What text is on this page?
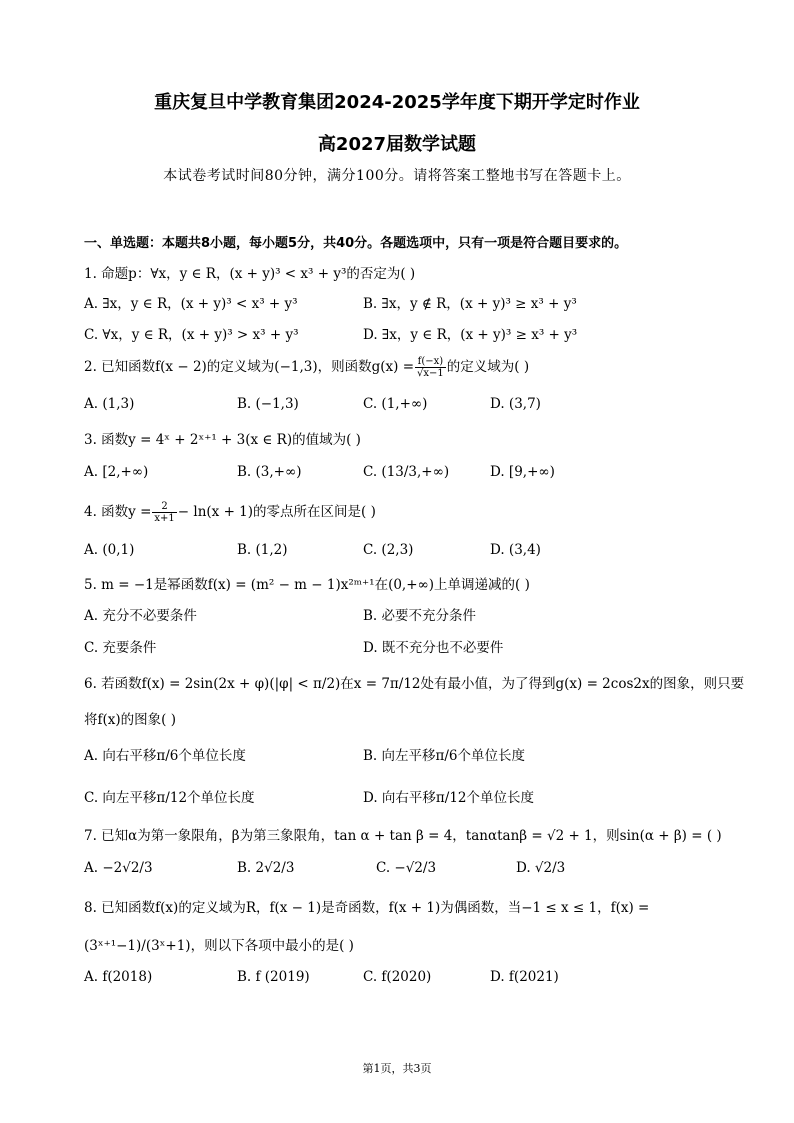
重庆复旦中学教育集团2024-2025学年度下期开学定时作业
高2027届数学试题
本试卷考试时间80分钟，满分100分。请将答案工整地书写在答题卡上。
一、单选题：本题共8小题，每小题5分，共40分。各题选项中，只有一项是符合题目要求的。
1. 命题p：∀x，y ∈ R，(x + y)³ < x³ + y³的否定为( )
A. ∃x，y ∈ R，(x + y)³ < x³ + y³	B. ∃x，y ∉ R，(x + y)³ ≥ x³ + y³
C. ∀x，y ∈ R，(x + y)³ > x³ + y³	D. ∃x，y ∈ R，(x + y)³ ≥ x³ + y³
2. 已知函数f(x − 2)的定义域为(−1,3)，则函数$g(x) = \frac{f(-x)}{√x-1}$ 的定义域为( )
A. (1,3)	B. (−1,3)	C. (1,+∞)	D. (3,7)
3. 函数y = 4ˣ + 2ˣ⁺¹ + 3(x ∈ R)的值域为( )
A. [2,+∞)	B. (3,+∞)	C. (13/3,+∞)	D. [9,+∞)
4. 函数$y = \frac{2}{x+1} - \ln(x + 1)$的零点所在区间是( )
A. (0,1)	B. (1,2)	C. (2,3)	D. (3,4)
5. m = −1是幂函数f(x) = (m² − m − 1)x²ᵐ⁺¹在(0,+∞)上单调递减的( )
A. 充分不必要条件	B. 必要不充分条件
C. 充要条件	D. 既不充分也不必要件
6. 若函数f(x) = 2sin(2x + φ)(|φ| < π/2)在x = 7π/12处有最小值，为了得到g(x) = 2cos2x的图象，则只要
将f(x)的图象( )
A. 向右平移π/6个单位长度	B. 向左平移π/6个单位长度
C. 向左平移π/12个单位长度	D. 向右平移π/12个单位长度
7. 已知α为第一象限角，β为第三象限角，tan α + tan β = 4，tanαtanβ = √2 + 1，则sin(α + β) = ( )
A. −2√2/3	B. 2√2/3	C. −√2/3	D. √2/3
8. 已知函数f(x)的定义域为R，f(x − 1)是奇函数，f(x + 1)为偶函数，当−1 ≤ x ≤ 1，f(x) =
(3ˣ⁺¹−1)/(3ˣ+1)，则以下各项中最小的是( )
A. f(2018)	B. f (2019)	C. f(2020)	D. f(2021)
第1页，共3页
